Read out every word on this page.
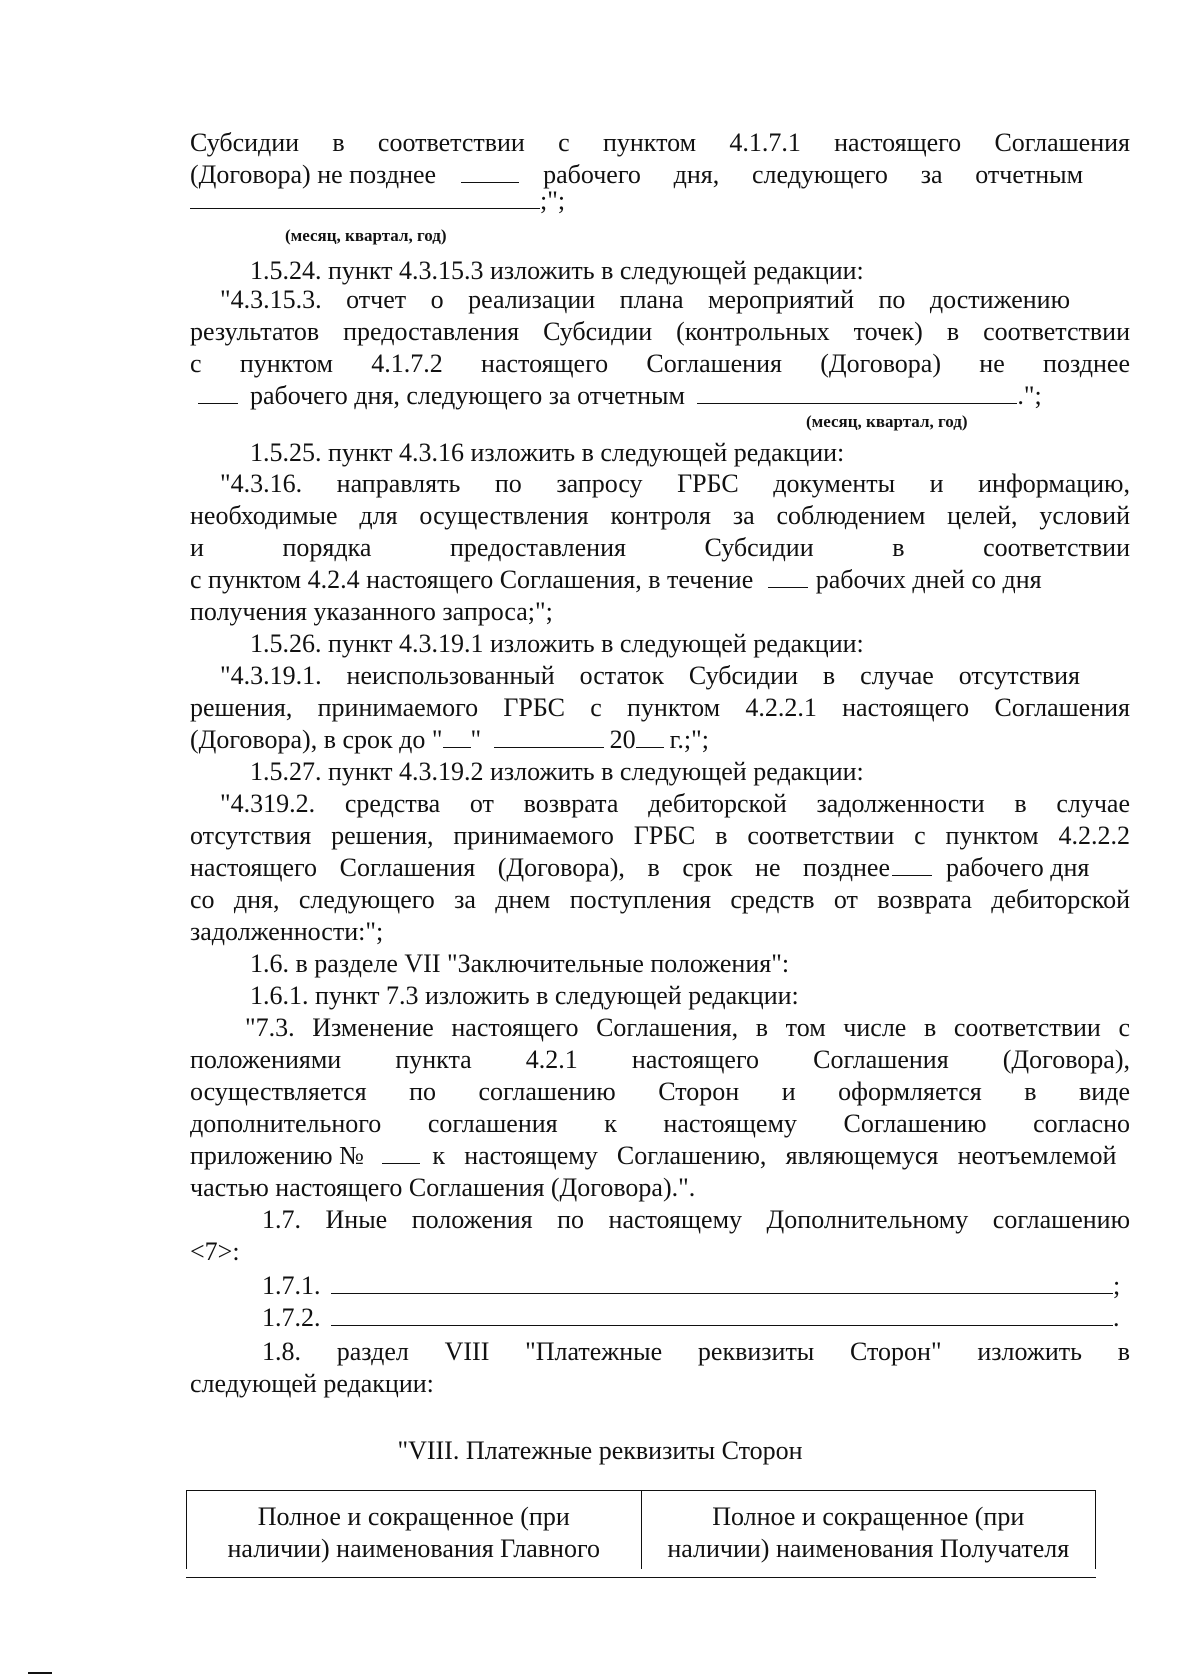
Субсидии в соответствии с пунктом 4.1.7.1 настоящего Соглашения
(Договора) не позднее	рабочего дня, следующего за отчетным
;";
(месяц, квартал, год)
1.5.24. пункт 4.3.15.3 изложить в следующей редакции:
"4.3.15.3. отчет о реализации плана мероприятий по достижению
результатов предоставления Субсидии (контрольных точек) в соответствии
с пунктом 4.1.7.2 настоящего Соглашения (Договора) не позднее
рабочего дня, следующего за отчетным	.";
(месяц, квартал, год)
1.5.25. пункт 4.3.16 изложить в следующей редакции:
"4.3.16. направлять по запросу ГРБС документы и информацию,
необходимые для осуществления контроля за соблюдением целей, условий
и порядка предоставления Субсидии в соответствии
с пунктом 4.2.4 настоящего Соглашения, в течение рабочих дней со дня
получения указанного запроса;";
1.5.26. пункт 4.3.19.1 изложить в следующей редакции:
"4.3.19.1. неиспользованный остаток Субсидии в случае отсутствия
решения, принимаемого ГРБС с пунктом 4.2.2.1 настоящего Соглашения
(Договора), в срок до " "	20 г.;";
1.5.27. пункт 4.3.19.2 изложить в следующей редакции:
"4.319.2. средства от возврата дебиторской задолженности в случае
отсутствия решения, принимаемого ГРБС в соответствии с пунктом 4.2.2.2
настоящего Соглашения (Договора), в срок не позднее рабочего дня
со дня, следующего за днем поступления средств от возврата дебиторской
задолженности:";
1.6. в разделе VII "Заключительные положения":
1.6.1. пункт 7.3 изложить в следующей редакции:
"7.3. Изменение настоящего Соглашения, в том числе в соответствии с
положениями пункта 4.2.1 настоящего Соглашения (Договора),
осуществляется по соглашению Сторон и оформляется в виде
дополнительного соглашения к настоящему Соглашению согласно
приложению №	к настоящему Соглашению, являющемуся неотъемлемой
частью настоящего Соглашения (Договора).".
1.7. Иные положения по настоящему Дополнительному соглашению
<7>:
1.7.1.	;
1.7.2.	.
1.8. раздел VIII "Платежные реквизиты Сторон" изложить в
следующей редакции:
"VIII. Платежные реквизиты Сторон
Полное и сокращенное (при
наличии) наименования Главного

Полное и сокращенное (при
наличии) наименования Получателя
